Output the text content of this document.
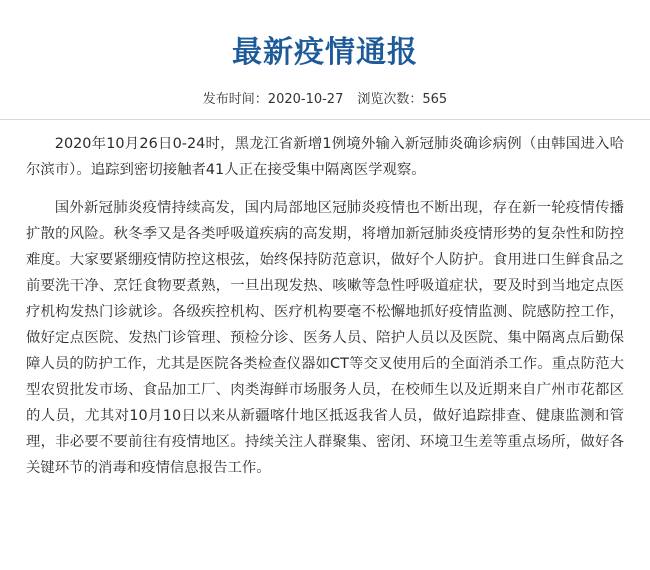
最新疫情通报
发布时间：2020-10-27 浏览次数：565

2020年10月26日0-24时，黑龙江省新增1例境外输入新冠肺炎确诊病例（由韩国进入哈尔滨市）。追踪到密切接触者41人正在接受集中隔离医学观察。

国外新冠肺炎疫情持续高发，国内局部地区冠肺炎疫情也不断出现，存在新一轮疫情传播扩散的风险。秋冬季又是各类呼吸道疾病的高发期，将增加新冠肺炎疫情形势的复杂性和防控难度。大家要紧绷疫情防控这根弦，始终保持防范意识，做好个人防护。食用进口生鲜食品之前要洗干净、烹饪食物要煮熟，一旦出现发热、咳嗽等急性呼吸道症状，要及时到当地定点医疗机构发热门诊就诊。各级疾控机构、医疗机构要毫不松懈地抓好疫情监测、院感防控工作，做好定点医院、发热门诊管理、预检分诊、医务人员、陪护人员以及医院、集中隔离点后勤保障人员的防护工作，尤其是医院各类检查仪器如CT等交叉使用后的全面消杀工作。重点防范大型农贸批发市场、食品加工厂、肉类海鲜市场服务人员，在校师生以及近期来自广州市花都区的人员，尤其对10月10日以来从新疆喀什地区抵返我省人员，做好追踪排查、健康监测和管理，非必要不要前往有疫情地区。持续关注人群聚集、密闭、环境卫生差等重点场所，做好各关键环节的消毒和疫情信息报告工作。
